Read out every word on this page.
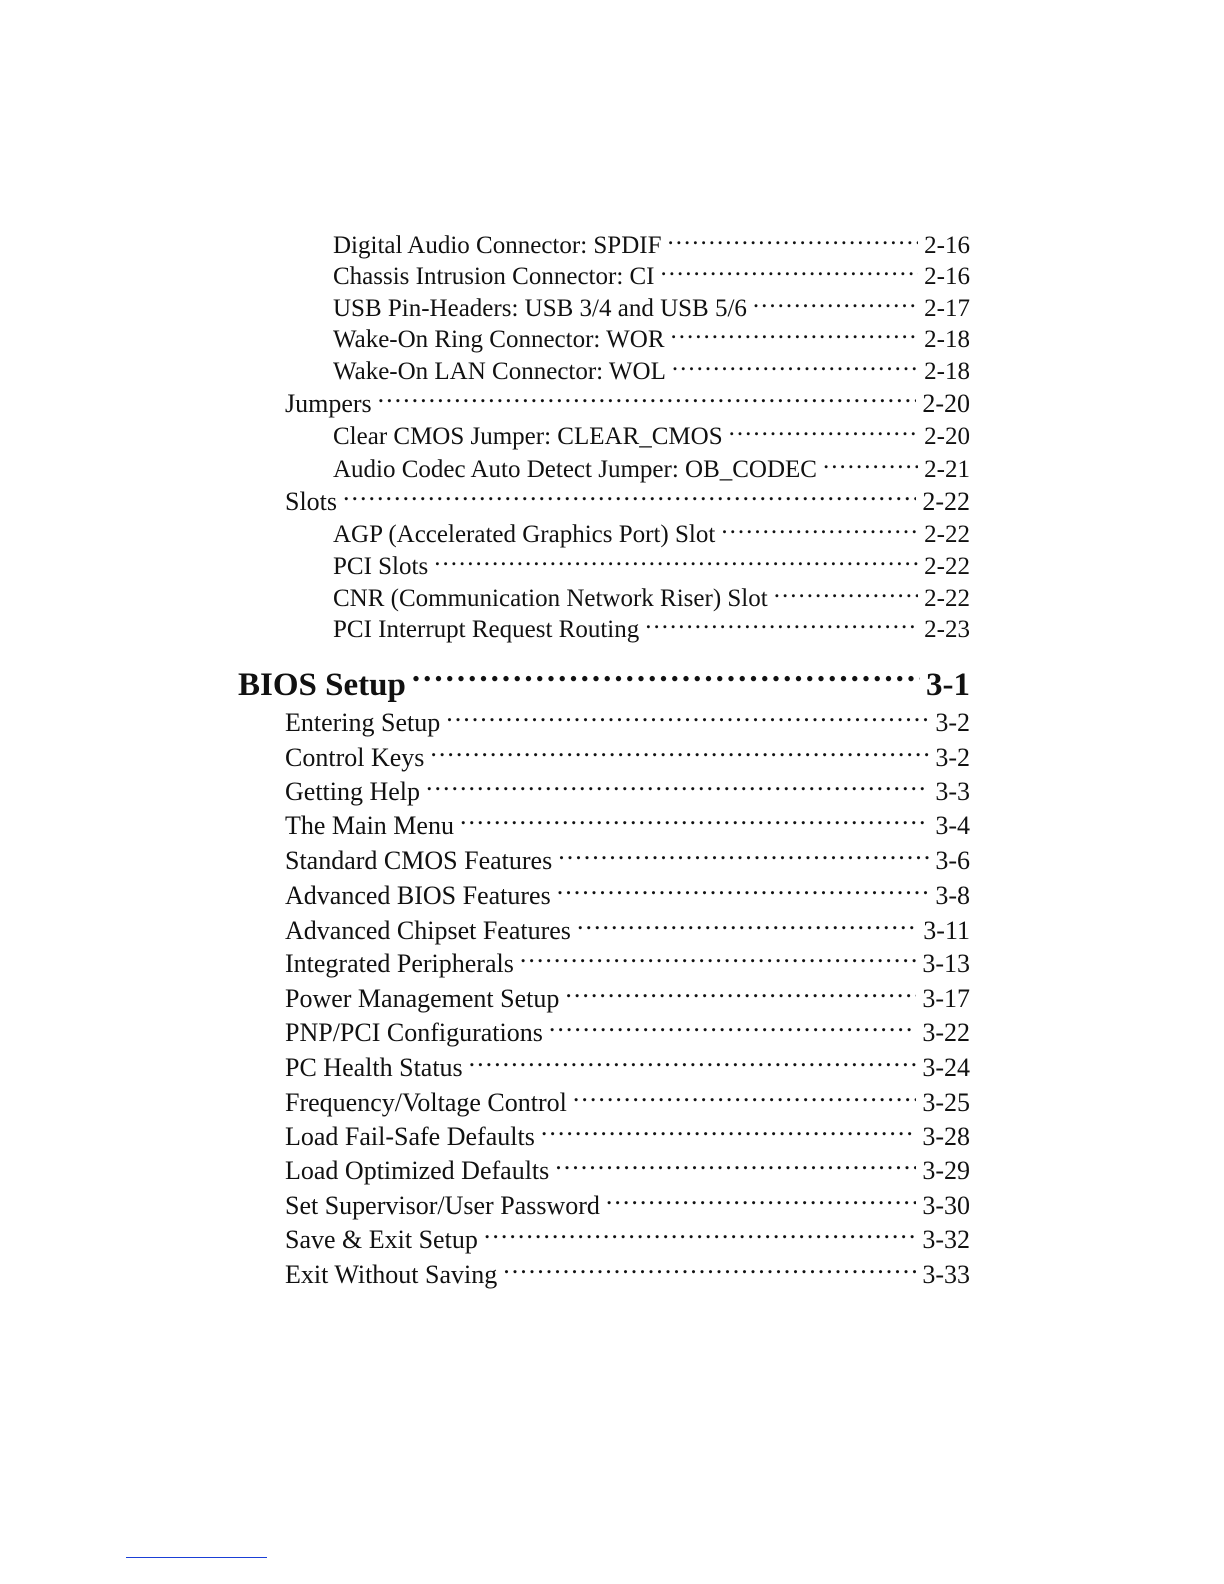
Digital Audio Connector: SPDIF .....	2-16
Chassis Intrusion Connector: CI .....	2-16
USB Pin-Headers: USB 3/4 and USB 5/6 .....	2-17
Wake-On Ring Connector: WOR .....	2-18
Wake-On LAN Connector: WOL .....	2-18
Jumpers .....	2-20
Clear CMOS Jumper: CLEAR_CMOS .....	2-20
Audio Codec Auto Detect Jumper: OB_CODEC .....	2-21
Slots .....	2-22
AGP (Accelerated Graphics Port) Slot .....	2-22
PCI Slots .....	2-22
CNR (Communication Network Riser) Slot .....	2-22
PCI Interrupt Request Routing .....	2-23
BIOS Setup .....	3-1
Entering Setup .....	3-2
Control Keys .....	3-2
Getting Help .....	3-3
The Main Menu .....	3-4
Standard CMOS Features .....	3-6
Advanced BIOS Features .....	3-8
Advanced Chipset Features .....	3-11
Integrated Peripherals .....	3-13
Power Management Setup .....	3-17
PNP/PCI Configurations .....	3-22
PC Health Status .....	3-24
Frequency/Voltage Control .....	3-25
Load Fail-Safe Defaults .....	3-28
Load Optimized Defaults .....	3-29
Set Supervisor/User Password .....	3-30
Save & Exit Setup .....	3-32
Exit Without Saving .....	3-33
